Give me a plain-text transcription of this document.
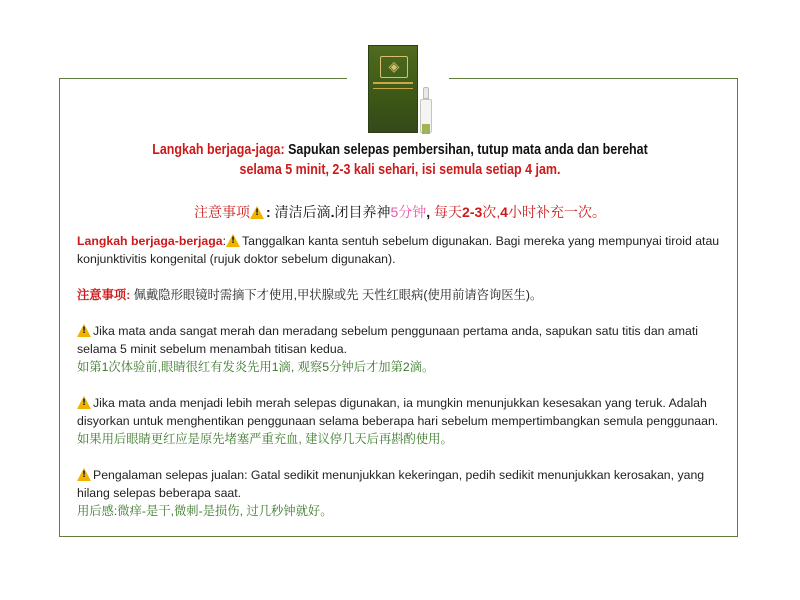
◈
Langkah berjaga-jaga: Sapukan selepas pembersihan, tutup mata anda dan berehat
selama 5 minit, 2-3 kali sehari, isi semula setiap 4 jam.
注意事项 ! : 清洁后滴.闭目养神5分钟, 每天2-3次,4小时补充一次。

Langkah berjaga-berjaga: ! Tanggalkan kanta sentuh sebelum digunakan. Bagi mereka yang mempunyai tiroid atau konjunktivitis kongenital (rujuk doktor sebelum digunakan).

注意事项: 佩戴隐形眼镜时需摘下才使用,甲状腺或先 天性红眼病(使用前请咨询医生)。

!Jika mata anda sangat merah dan meradang sebelum penggunaan pertama anda, sapukan satu titis dan amati selama 5 minit sebelum menambah titisan kedua.
如第1次体验前,眼睛很红有发炎先用1滴, 观察5分钟后才加第2滴。

!Jika mata anda menjadi lebih merah selepas digunakan, ia mungkin menunjukkan kesesakan yang teruk. Adalah disyorkan untuk menghentikan penggunaan selama beberapa hari sebelum mempertimbangkan semula penggunaan.
如果用后眼睛更红应是原先堵塞严重充血, 建议停几天后再斟酌使用。

!Pengalaman selepas jualan: Gatal sedikit menunjukkan kekeringan, pedih sedikit menunjukkan kerosakan, yang hilang selepas beberapa saat.
用后感:微痒-是干,微刺-是损伤, 过几秒钟就好。
